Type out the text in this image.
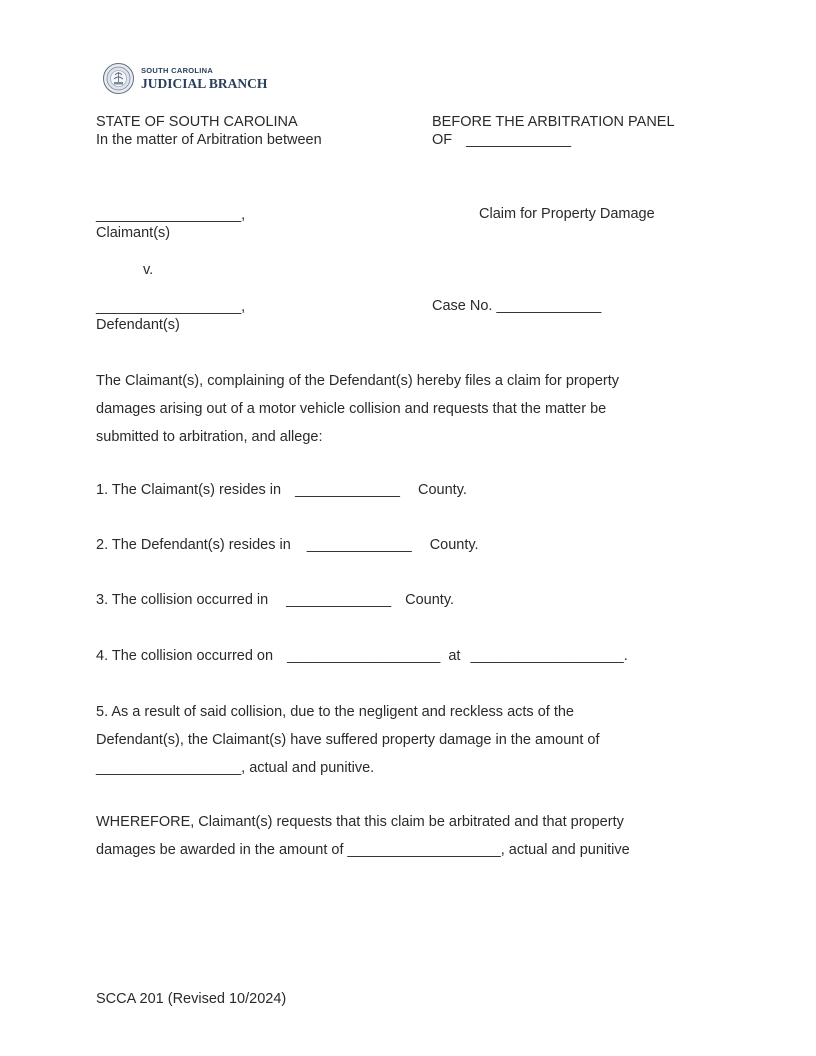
SOUTH CAROLINA
JUDICIAL BRANCH
STATE OF SOUTH CAROLINA
In the matter of Arbitration between
BEFORE THE ARBITRATION PANEL
OF _____________
__________________,
Claimant(s)
Claim for Property Damage
v.
__________________,
Defendant(s)
Case No. _____________
The Claimant(s), complaining of the Defendant(s) hereby files a claim for property
damages arising out of a motor vehicle collision and requests that the matter be
submitted to arbitration, and allege:
1. The Claimant(s) resides in _____________ County.
2. The Defendant(s) resides in _____________ County.
3. The collision occurred in _____________ County.
4. The collision occurred on ___________________ at ___________________.
5. As a result of said collision, due to the negligent and reckless acts of the
Defendant(s), the Claimant(s) have suffered property damage in the amount of
__________________, actual and punitive.
WHEREFORE, Claimant(s) requests that this claim be arbitrated and that property
damages be awarded in the amount of ___________________, actual and punitive
SCCA 201 (Revised 10/2024)
